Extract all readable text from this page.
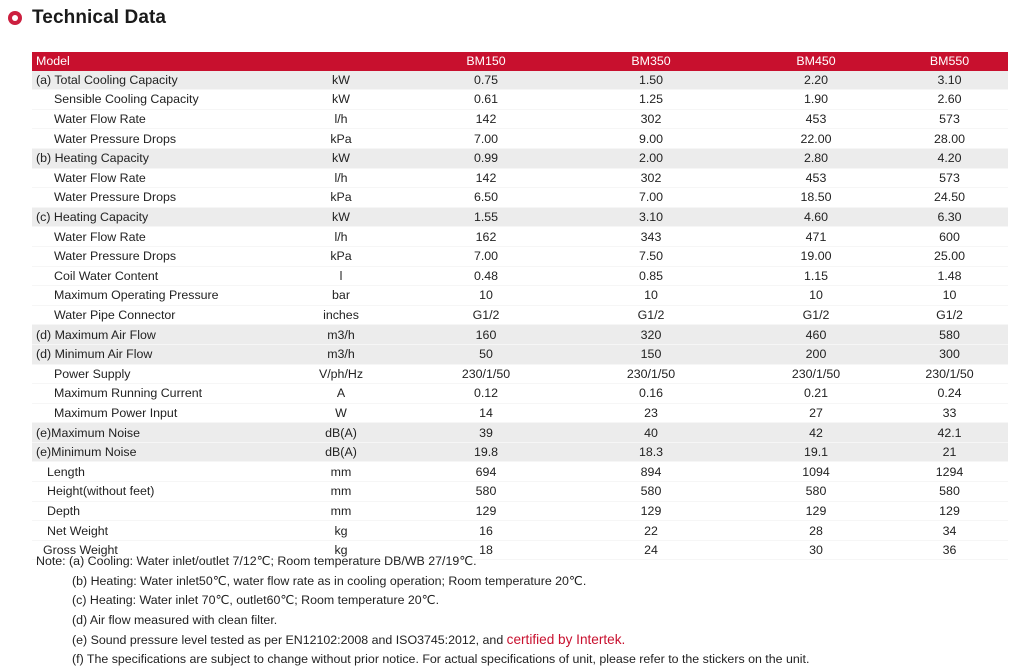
Technical Data
Model		BM150	BM350	BM450	BM550
(a) Total Cooling Capacity	kW	0.75	1.50	2.20	3.10
Sensible Cooling Capacity	kW	0.61	1.25	1.90	2.60
Water Flow Rate	l/h	142	302	453	573
Water Pressure Drops	kPa	7.00	9.00	22.00	28.00
(b) Heating Capacity	kW	0.99	2.00	2.80	4.20
Water Flow Rate	l/h	142	302	453	573
Water Pressure Drops	kPa	6.50	7.00	18.50	24.50
(c) Heating Capacity	kW	1.55	3.10	4.60	6.30
Water Flow Rate	l/h	162	343	471	600
Water Pressure Drops	kPa	7.00	7.50	19.00	25.00
Coil Water Content	l	0.48	0.85	1.15	1.48
Maximum Operating Pressure	bar	10	10	10	10
Water Pipe Connector	inches	G1/2	G1/2	G1/2	G1/2
(d) Maximum Air Flow	m3/h	160	320	460	580
(d) Minimum Air Flow	m3/h	50	150	200	300
Power Supply	V/ph/Hz	230/1/50	230/1/50	230/1/50	230/1/50
Maximum Running Current	A	0.12	0.16	0.21	0.24
Maximum Power Input	W	14	23	27	33
(e)Maximum Noise	dB(A)	39	40	42	42.1
(e)Minimum Noise	dB(A)	19.8	18.3	19.1	21
Length	mm	694	894	1094	1294
Height(without feet)	mm	580	580	580	580
Depth	mm	129	129	129	129
Net Weight	kg	16	22	28	34
Gross Weight	kg	18	24	30	36
Note: (a) Cooling: Water inlet/outlet 7/12℃; Room temperature DB/WB 27/19℃.
(b) Heating: Water inlet50℃, water flow rate as in cooling operation; Room temperature 20℃.
(c) Heating: Water inlet 70℃, outlet60℃; Room temperature 20℃.
(d) Air flow measured with clean filter.
(e) Sound pressure level tested as per EN12102:2008 and ISO3745:2012, and certified by Intertek.
(f) The specifications are subject to change without prior notice. For actual specifications of unit, please refer to the stickers on the unit.
